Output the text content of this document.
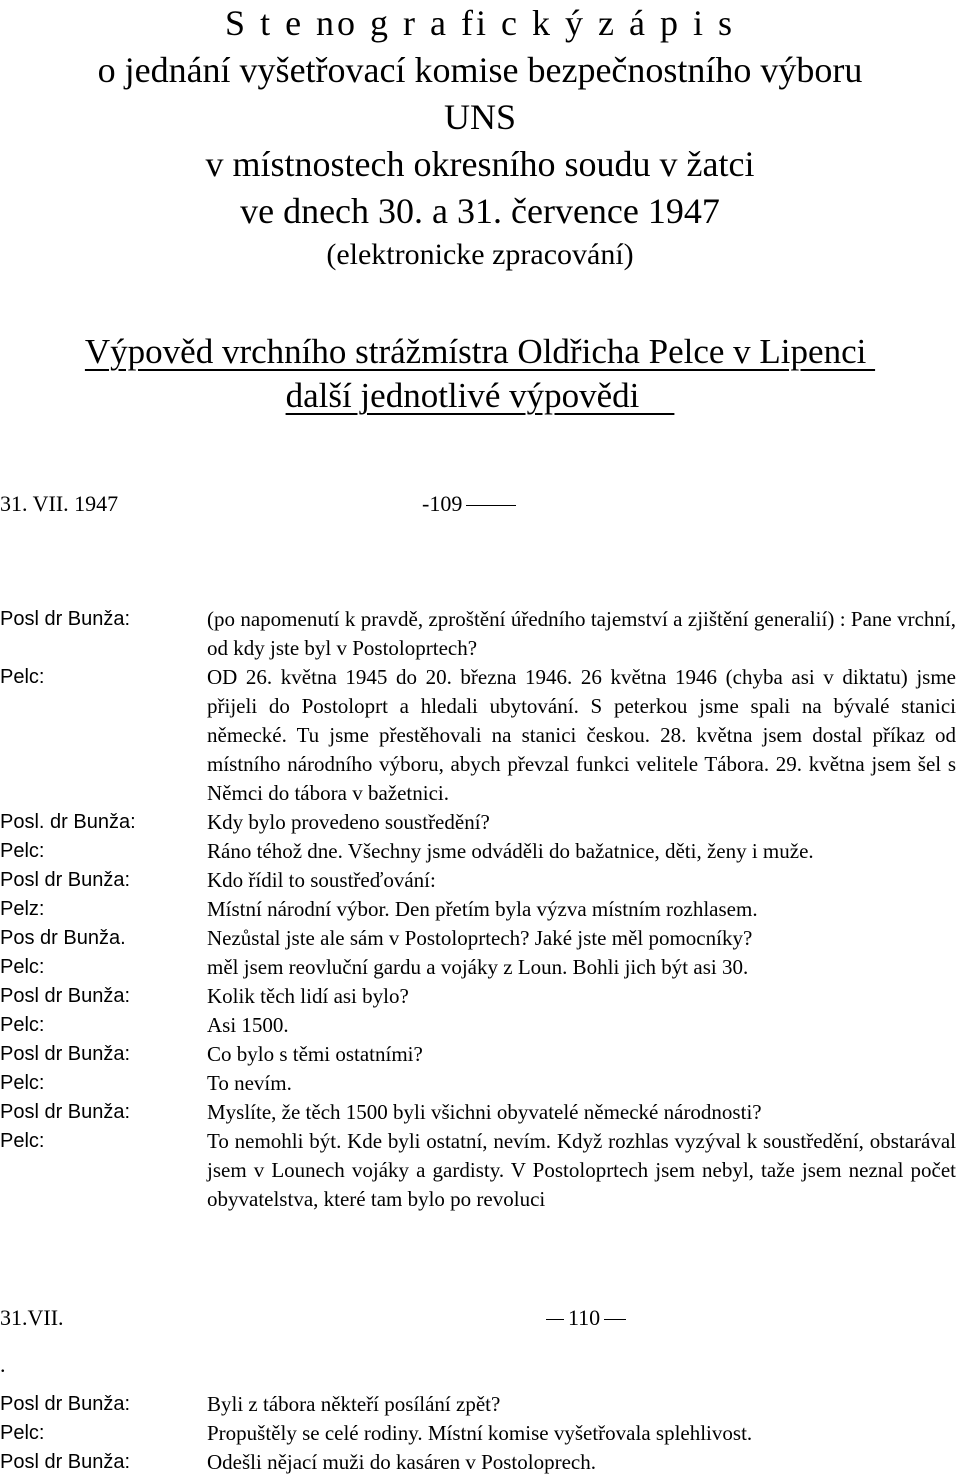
S t e no g r a fi c k ý z á p i s
o jednání vyšetřovací komise bezpečnostního výboru
UNS
v místnostech okresního soudu v žatci
ve dnech 30. a 31. července 1947
(elektronicke zpracování)
Výpověd vrchního strážmístra Oldřicha Pelce v Lipenci
další jednotlivé výpovědi
31. VII. 1947	-109
Posl dr Bunža:	(po napomenutí k pravdě, zproštění úředního tajemství a zjištění generalií) : Pane vrchní, od kdy jste byl v Postoloprtech?
Pelc:	OD 26. května 1945 do 20. března 1946. 26 května 1946 (chyba asi v diktatu) jsme přijeli do Postoloprt a hledali ubytování. S peterkou jsme spali na bývalé stanici německé. Tu jsme přestěhovali na stanici českou. 28. května jsem dostal příkaz od místního národního výboru, abych převzal funkci velitele Tábora. 29. května jsem šel s Němci do tábora v bažetnici.
Posl. dr Bunža:	Kdy bylo provedeno soustředění?
Pelc:	Ráno téhož dne. Všechny jsme odváděli do bažatnice, děti, ženy i muže.
Posl dr Bunža:	Kdo řídil to soustřeďování:
Pelz:	Místní národní výbor. Den přetím byla výzva místním rozhlasem.
Pos dr Bunža.	Nezůstal jste ale sám v Postoloprtech? Jaké jste měl pomocníky?
Pelc:	měl jsem reovluční gardu a vojáky z Loun. Bohli jich být asi 30.
Posl dr Bunža:	Kolik těch lidí asi bylo?
Pelc:	Asi 1500.
Posl dr Bunža:	Co bylo s těmi ostatními?
Pelc:	To nevím.
Posl dr Bunža:	Myslíte, že těch 1500 byli všichni obyvatelé německé národnosti?
Pelc:	To nemohli být. Kde byli ostatní, nevím. Když rozhlas vyzýval k soustředění, obstarával jsem v Lounech vojáky a gardisty. V Postoloprtech jsem nebyl, taže jsem neznal počet obyvatelstva, které tam bylo po revoluci
31.VII.	110
.
Posl dr Bunža:	Byli z tábora někteří posílání zpět?
Pelc:	Propuštěly se celé rodiny. Místní komise vyšetřovala splehlivost.
Posl dr Bunža:	Odešli nějací muži do kasáren v Postoloprech.
